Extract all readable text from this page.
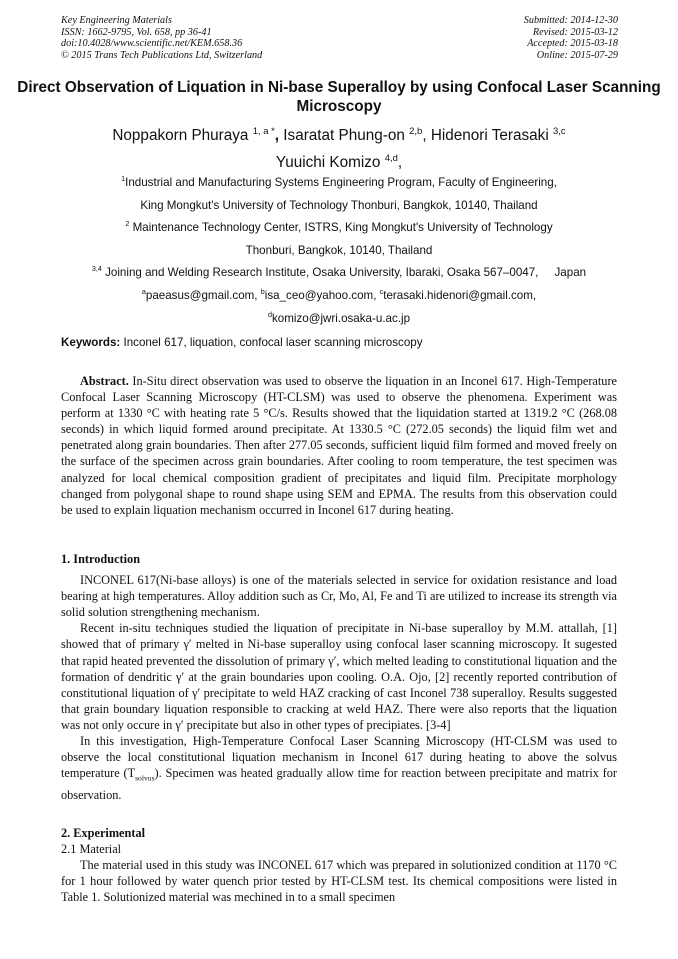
Key Engineering Materials
ISSN: 1662-9795, Vol. 658, pp 36-41
doi:10.4028/www.scientific.net/KEM.658.36
© 2015 Trans Tech Publications Ltd, Switzerland
Submitted: 2014-12-30
Revised: 2015-03-12
Accepted: 2015-03-18
Online: 2015-07-29
Direct Observation of Liquation in Ni-base Superalloy by using Confocal Laser Scanning Microscopy
Noppakorn Phuraya $^{1, a *}$, Isaratat Phung-on $^{2,b}$, Hidenori Terasaki $^{3,c}$
Yuuichi Komizo $^{4,d}$,
$^1$Industrial and Manufacturing Systems Engineering Program, Faculty of Engineering,
King Mongkut's University of Technology Thonburi, Bangkok, 10140, Thailand
$^2$ Maintenance Technology Center, ISTRS, King Mongkut's University of Technology
Thonburi, Bangkok, 10140, Thailand
$^{3,4}$ Joining and Welding Research Institute, Osaka University, Ibaraki, Osaka 567–0047,     Japan
$^a$paeasus@gmail.com, $^b$isa_ceo@yahoo.com, $^c$terasaki.hidenori@gmail.com,
$^d$komizo@jwri.osaka-u.ac.jp
Keywords: Inconel 617, liquation, confocal laser scanning microscopy

Abstract. In-Situ direct observation was used to observe the liquation in an Inconel 617. High-Temperature Confocal Laser Scanning Microscopy (HT-CLSM) was used to observe the phenomena. Experiment was perform at 1330 °C with heating rate 5 °C/s. Results showed that the liquidation started at 1319.2 °C (268.08 seconds) in which liquid formed around precipitate. At 1330.5 °C (272.05 seconds) the liquid film wet and penetrated along grain boundaries. Then after 277.05 seconds, sufficient liquid film formed and moved freely on the surface of the specimen across grain boundaries. After cooling to room temperature, the test specimen was analyzed for local chemical composition gradient of precipitates and liquid film. Precipitate morphology changed from polygonal shape to round shape using SEM and EPMA. The results from this observation could be used to explain liquation mechanism occurred in Inconel 617 during heating.

1. Introduction

INCONEL 617(Ni-base alloys) is one of the materials selected in service for oxidation resistance and load bearing at high temperatures. Alloy addition such as Cr, Mo, Al, Fe and Ti are utilized to increase its strength via solid solution strengthening mechanism.

Recent in-situ techniques studied the liquation of precipitate in Ni-base superalloy by M.M. attallah, [1] showed that of primary γ′ melted in Ni-base superalloy using confocal laser scanning microscopy. It sugested that rapid heated prevented the dissolution of primary γ′, which melted leading to constitutional liquation and the formation of dendritic γ′ at the grain boundaries upon cooling. O.A. Ojo, [2] recently reported contribution of constitutional liquation of γ′ precipitate to weld HAZ cracking of cast Inconel 738 superalloy. Results suggested that grain boundary liquation responsible to cracking at weld HAZ. There were also reports that the liquation was not only occure in γ′ precipitate but also in other types of precipiates. [3-4]

In this investigation, High-Temperature Confocal Laser Scanning Microscopy (HT-CLSM was used to observe the local constitutional liquation mechanism in Inconel 617 during heating to above the solvus temperature $(T_{solvus})$. Specimen was heated gradually allow time for reaction between precipitate and matrix for observation.

2. Experimental

2.1 Material

The material used in this study was INCONEL 617 which was prepared in solutionized condition at 1170 °C for 1 hour followed by water quench prior tested by HT-CLSM test. Its chemical compositions were listed in Table 1. Solutionized material was mechined in to a small specimen
